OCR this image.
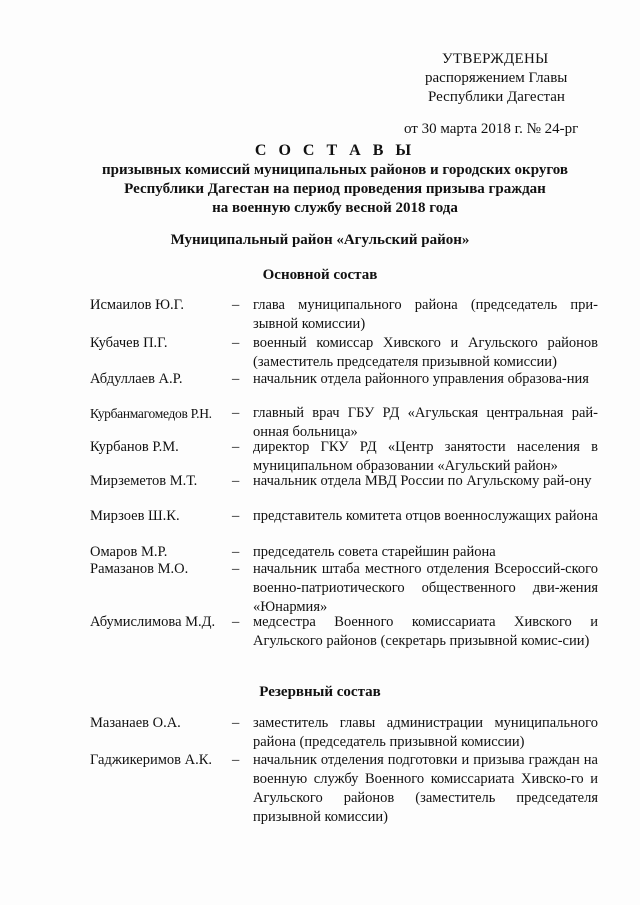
УТВЕРЖДЕНЫ
распоряжением Главы
Республики Дагестан
от 30 марта 2018 г. № 24-рг
С О С Т А В Ы
призывных комиссий муниципальных районов и городских округов
Республики Дагестан на период проведения призыва граждан
на военную службу весной 2018 года
Муниципальный район «Агульский район»
Основной состав
Исмаилов Ю.Г.	– глава муниципального района (председатель при-зывной комиссии)
Кубачев П.Г.	– военный комиссар Хивского и Агульского районов (заместитель председателя призывной комиссии)
Абдуллаев А.Р.	– начальник отдела районного управления образова-ния
Курбанмагомедов Р.Н. – главный врач ГБУ РД «Агульская центральная рай-онная больница»
Курбанов Р.М.	– директор ГКУ РД «Центр занятости населения в муниципальном образовании «Агульский район»
Мирземетов М.Т. – начальник отдела МВД России по Агульскому рай-ону
Мирзоев Ш.К.	– представитель комитета отцов военнослужащих района
Омаров М.Р.	– председатель совета старейшин района
Рамазанов М.О.	– начальник штаба местного отделения Всероссий-ского военно-патриотического общественного дви-жения «Юнармия»
Абумислимова М.Д. – медсестра Военного комиссариата Хивского и Агульского районов (секретарь призывной комис-сии)
Резервный состав
Мазанаев О.А.	– заместитель главы администрации муниципального района (председатель призывной комиссии)
Гаджикеримов А.К. – начальник отделения подготовки и призыва граждан на военную службу Военного комиссариата Хивско-го и Агульского районов (заместитель председателя призывной комиссии)
